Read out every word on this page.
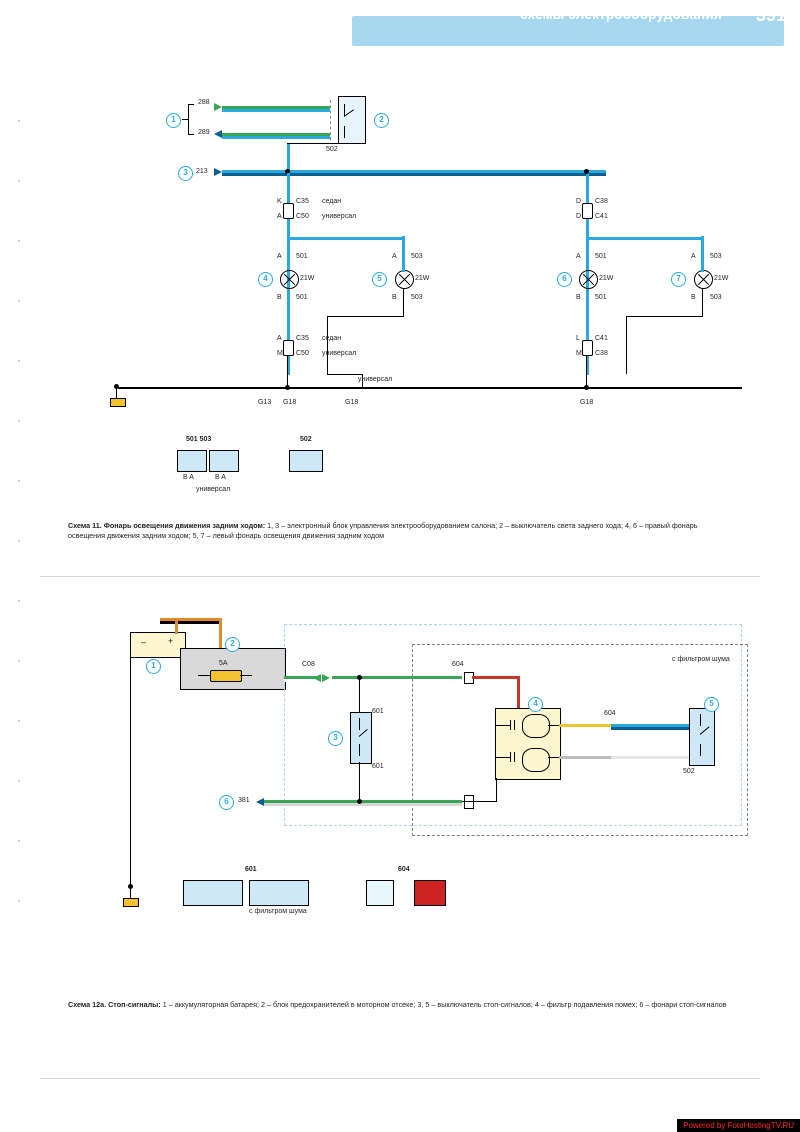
схемы электрооборудования 391
1
288
289
2
502
3	213
K C35 седан
A C50 универсал
D C38
D C41
4
A 501
21W
B 501
5
A 503
21W
B 503
6
A 501
21W
B 501
7
A 503
21W
B 503
A C35 седан
M C50 универсал
L C41
M C38
универсал
G13 G18	G18	G18
501 503
B A	B A
универсал
502
Схема 11. Фонарь освещения движения задним ходом: 1, 3 – электронный блок управления электрооборудованием салона; 2 – выключатель света заднего хода; 4, 6 – правый фонарь освещения движения задним ходом; 5, 7 – левый фонарь освещения движения задним ходом
– +
1
2
5A	C08
3
601
601
с фильтром шума
604
4
604
5
502
6	381
601
с фильтром шума
604
Схема 12а. Стоп-сигналы: 1 – аккумуляторная батарея; 2 – блок предохранителей в моторном отсеке; 3, 5 – выключатель стоп-сигналов; 4 – фильтр подавления помех; 6 – фонари стоп-сигналов
Powered by FotoHostingTV.RU
